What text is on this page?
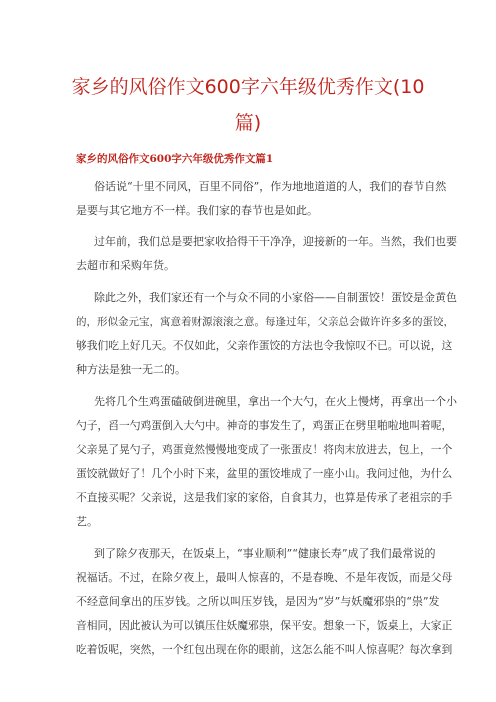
家乡的风俗作文600字六年级优秀作文(10
篇)
家乡的风俗作文600字六年级优秀作文篇1
俗话说“十里不同风，百里不同俗”，作为地地道道的人，我们的春节自然
是要与其它地方不一样。我们家的春节也是如此。
过年前，我们总是要把家收拾得干干净净，迎接新的一年。当然，我们也要
去超市和采购年货。
除此之外，我们家还有一个与众不同的小家俗——自制蛋饺！蛋饺是金黄色
的，形似金元宝，寓意着财源滚滚之意。每逢过年，父亲总会做许许多多的蛋饺，
够我们吃上好几天。不仅如此，父亲作蛋饺的方法也令我惊叹不已。可以说，这
种方法是独一无二的。
先将几个生鸡蛋磕破倒进碗里，拿出一个大勺，在火上慢烤，再拿出一个小
勺子，舀一勺鸡蛋倒入大勺中。神奇的事发生了，鸡蛋正在劈里啪啦地叫着呢，
父亲晃了晃勺子，鸡蛋竟然慢慢地变成了一张蛋皮！将肉末放进去，包上，一个
蛋饺就做好了！几个小时下来，盆里的蛋饺堆成了一座小山。我问过他，为什么
不直接买呢？父亲说，这是我们家的家俗，自食其力，也算是传承了老祖宗的手
艺。
到了除夕夜那天，在饭桌上，“事业顺利”“健康长寿”成了我们最常说的
祝福话。不过，在除夕夜上，最叫人惊喜的，不是春晚、不是年夜饭，而是父母
不经意间拿出的压岁钱。之所以叫压岁钱，是因为“岁”与妖魔邪祟的“祟”发
音相同，因此被认为可以镇压住妖魔邪祟，保平安。想象一下，饭桌上，大家正
吃着饭呢，突然，一个红包出现在你的眼前，这怎么能不叫人惊喜呢？每次拿到
